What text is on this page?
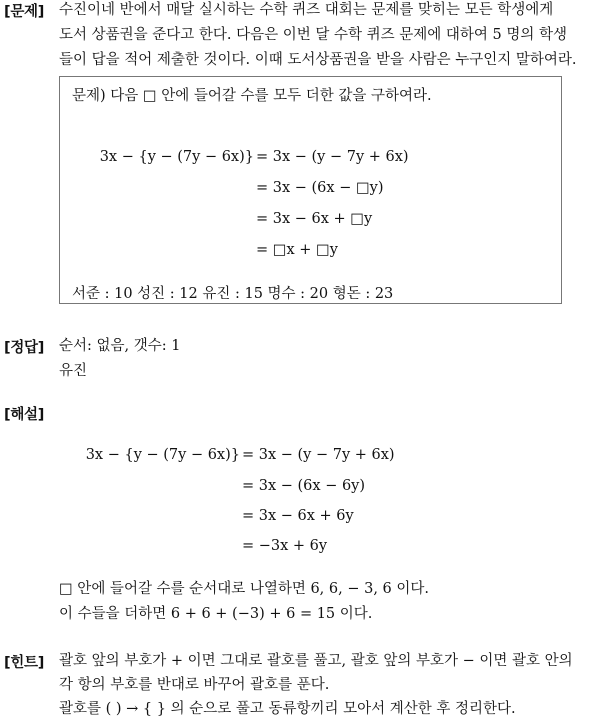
[문제] 수진이네 반에서 매달 실시하는 수학 퀴즈 대회는 문제를 맞히는 모든 학생에게
도서 상품권을 준다고 한다. 다음은 이번 달 수학 퀴즈 문제에 대하여 5 명의 학생
들이 답을 적어 제출한 것이다. 이때 도서상품권을 받을 사람은 누구인지 말하여라.
문제) 다음 □ 안에 들어갈 수를 모두 더한 값을 구하여라.
3x − {y − (7y − 6x)} = 3x − (y − 7y + 6x)
= 3x − (6x − □y)
= 3x − 6x + □y
= □x + □y
서준 : 10 성진 : 12 유진 : 15 명수 : 20 형돈 : 23
[정답] 순서: 없음, 갯수: 1
유진
[해설]
3x − {y − (7y − 6x)} = 3x − (y − 7y + 6x)
= 3x − (6x − 6y)
= 3x − 6x + 6y
= −3x + 6y
□ 안에 들어갈 수를 순서대로 나열하면 6, 6, − 3, 6 이다.
이 수들을 더하면 6 + 6 + (−3) + 6 = 15 이다.
[힌트] 괄호 앞의 부호가 + 이면 그대로 괄호를 풀고, 괄호 앞의 부호가 − 이면 괄호 안의
각 항의 부호를 반대로 바꾸어 괄호를 푼다.
괄호를 ( ) → { } 의 순으로 풀고 동류항끼리 모아서 계산한 후 정리한다.
